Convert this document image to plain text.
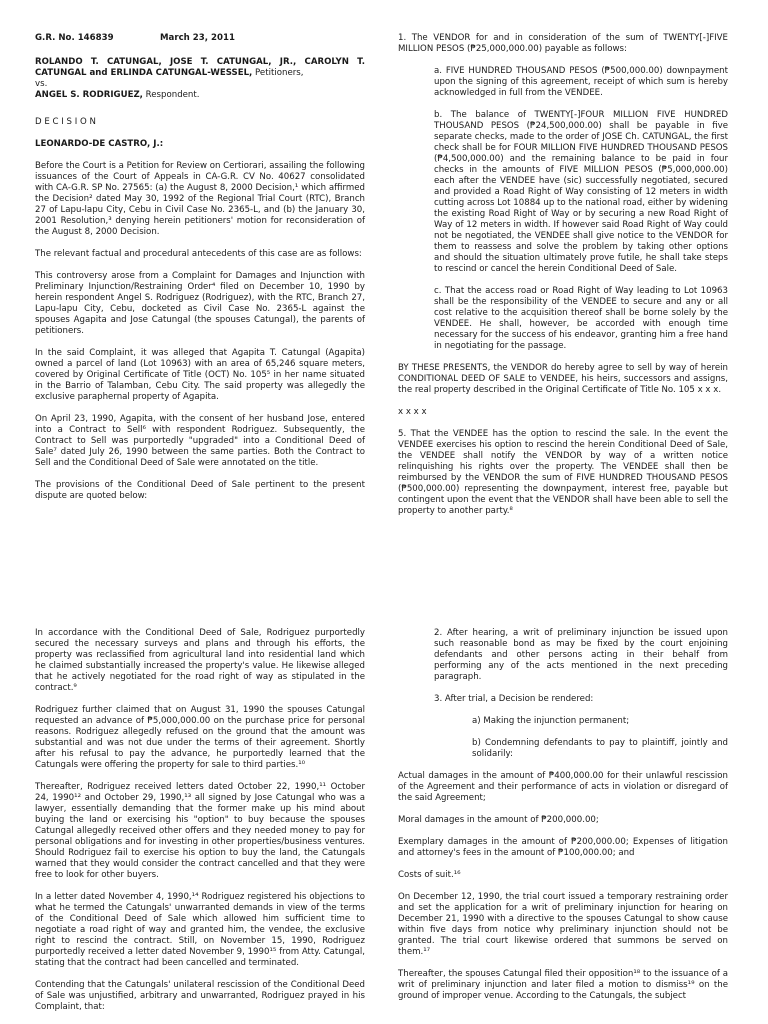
G.R. No. 146839	March 23, 2011

ROLANDO T. CATUNGAL, JOSE T. CATUNGAL, JR., CAROLYN T. CATUNGAL and ERLINDA CATUNGAL-WESSEL, Petitioners,

vs.

ANGEL S. RODRIGUEZ, Respondent.

D E C I S I O N

LEONARDO-DE CASTRO, J.:

Before the Court is a Petition for Review on Certiorari, assailing the following issuances of the Court of Appeals in CA-G.R. CV No. 40627 consolidated with CA-G.R. SP No. 27565: (a) the August 8, 2000 Decision,¹ which affirmed the Decision² dated May 30, 1992 of the Regional Trial Court (RTC), Branch 27 of Lapu-lapu City, Cebu in Civil Case No. 2365-L, and (b) the January 30, 2001 Resolution,³ denying herein petitioners' motion for reconsideration of the August 8, 2000 Decision.

The relevant factual and procedural antecedents of this case are as follows:

This controversy arose from a Complaint for Damages and Injunction with Preliminary Injunction/Restraining Order⁴ filed on December 10, 1990 by herein respondent Angel S. Rodriguez (Rodriguez), with the RTC, Branch 27, Lapu-lapu City, Cebu, docketed as Civil Case No. 2365-L against the spouses Agapita and Jose Catungal (the spouses Catungal), the parents of petitioners.

In the said Complaint, it was alleged that Agapita T. Catungal (Agapita) owned a parcel of land (Lot 10963) with an area of 65,246 square meters, covered by Original Certificate of Title (OCT) No. 105⁵ in her name situated in the Barrio of Talamban, Cebu City. The said property was allegedly the exclusive paraphernal property of Agapita.

On April 23, 1990, Agapita, with the consent of her husband Jose, entered into a Contract to Sell⁶ with respondent Rodriguez. Subsequently, the Contract to Sell was purportedly "upgraded" into a Conditional Deed of Sale⁷ dated July 26, 1990 between the same parties. Both the Contract to Sell and the Conditional Deed of Sale were annotated on the title.

The provisions of the Conditional Deed of Sale pertinent to the present dispute are quoted below:

1. The VENDOR for and in consideration of the sum of TWENTY[-]FIVE MILLION PESOS (₱25,000,000.00) payable as follows:

a. FIVE HUNDRED THOUSAND PESOS (₱500,000.00) downpayment upon the signing of this agreement, receipt of which sum is hereby acknowledged in full from the VENDEE.

b. The balance of TWENTY[-]FOUR MILLION FIVE HUNDRED THOUSAND PESOS (₱24,500,000.00) shall be payable in five separate checks, made to the order of JOSE Ch. CATUNGAL, the first check shall be for FOUR MILLION FIVE HUNDRED THOUSAND PESOS (₱4,500,000.00) and the remaining balance to be paid in four checks in the amounts of FIVE MILLION PESOS (₱5,000,000.00) each after the VENDEE have (sic) successfully negotiated, secured and provided a Road Right of Way consisting of 12 meters in width cutting across Lot 10884 up to the national road, either by widening the existing Road Right of Way or by securing a new Road Right of Way of 12 meters in width. If however said Road Right of Way could not be negotiated, the VENDEE shall give notice to the VENDOR for them to reassess and solve the problem by taking other options and should the situation ultimately prove futile, he shall take steps to rescind or cancel the herein Conditional Deed of Sale.

c. That the access road or Road Right of Way leading to Lot 10963 shall be the responsibility of the VENDEE to secure and any or all cost relative to the acquisition thereof shall be borne solely by the VENDEE. He shall, however, be accorded with enough time necessary for the success of his endeavor, granting him a free hand in negotiating for the passage.

BY THESE PRESENTS, the VENDOR do hereby agree to sell by way of herein CONDITIONAL DEED OF SALE to VENDEE, his heirs, successors and assigns, the real property described in the Original Certificate of Title No. 105 x x x.

x x x x

5. That the VENDEE has the option to rescind the sale. In the event the VENDEE exercises his option to rescind the herein Conditional Deed of Sale, the VENDEE shall notify the VENDOR by way of a written notice relinquishing his rights over the property. The VENDEE shall then be reimbursed by the VENDOR the sum of FIVE HUNDRED THOUSAND PESOS (₱500,000.00) representing the downpayment, interest free, payable but contingent upon the event that the VENDOR shall have been able to sell the property to another party.⁸

In accordance with the Conditional Deed of Sale, Rodriguez purportedly secured the necessary surveys and plans and through his efforts, the property was reclassified from agricultural land into residential land which he claimed substantially increased the property's value. He likewise alleged that he actively negotiated for the road right of way as stipulated in the contract.⁹

Rodriguez further claimed that on August 31, 1990 the spouses Catungal requested an advance of ₱5,000,000.00 on the purchase price for personal reasons. Rodriguez allegedly refused on the ground that the amount was substantial and was not due under the terms of their agreement. Shortly after his refusal to pay the advance, he purportedly learned that the Catungals were offering the property for sale to third parties.¹⁰

Thereafter, Rodriguez received letters dated October 22, 1990,¹¹ October 24, 1990¹² and October 29, 1990,¹³ all signed by Jose Catungal who was a lawyer, essentially demanding that the former make up his mind about buying the land or exercising his "option" to buy because the spouses Catungal allegedly received other offers and they needed money to pay for personal obligations and for investing in other properties/business ventures. Should Rodriguez fail to exercise his option to buy the land, the Catungals warned that they would consider the contract cancelled and that they were free to look for other buyers.

In a letter dated November 4, 1990,¹⁴ Rodriguez registered his objections to what he termed the Catungals' unwarranted demands in view of the terms of the Conditional Deed of Sale which allowed him sufficient time to negotiate a road right of way and granted him, the vendee, the exclusive right to rescind the contract. Still, on November 15, 1990, Rodriguez purportedly received a letter dated November 9, 1990¹⁵ from Atty. Catungal, stating that the contract had been cancelled and terminated.

Contending that the Catungals' unilateral rescission of the Conditional Deed of Sale was unjustified, arbitrary and unwarranted, Rodriguez prayed in his Complaint, that:

2. After hearing, a writ of preliminary injunction be issued upon such reasonable bond as may be fixed by the court enjoining defendants and other persons acting in their behalf from performing any of the acts mentioned in the next preceding paragraph.

3. After trial, a Decision be rendered:

a) Making the injunction permanent;

b) Condemning defendants to pay to plaintiff, jointly and solidarily:

Actual damages in the amount of ₱400,000.00 for their unlawful rescission of the Agreement and their performance of acts in violation or disregard of the said Agreement;

Moral damages in the amount of ₱200,000.00;

Exemplary damages in the amount of ₱200,000.00; Expenses of litigation and attorney's fees in the amount of ₱100,000.00; and

Costs of suit.¹⁶

On December 12, 1990, the trial court issued a temporary restraining order and set the application for a writ of preliminary injunction for hearing on December 21, 1990 with a directive to the spouses Catungal to show cause within five days from notice why preliminary injunction should not be granted. The trial court likewise ordered that summons be served on them.¹⁷

Thereafter, the spouses Catungal filed their opposition¹⁸ to the issuance of a writ of preliminary injunction and later filed a motion to dismiss¹⁹ on the ground of improper venue. According to the Catungals, the subject
